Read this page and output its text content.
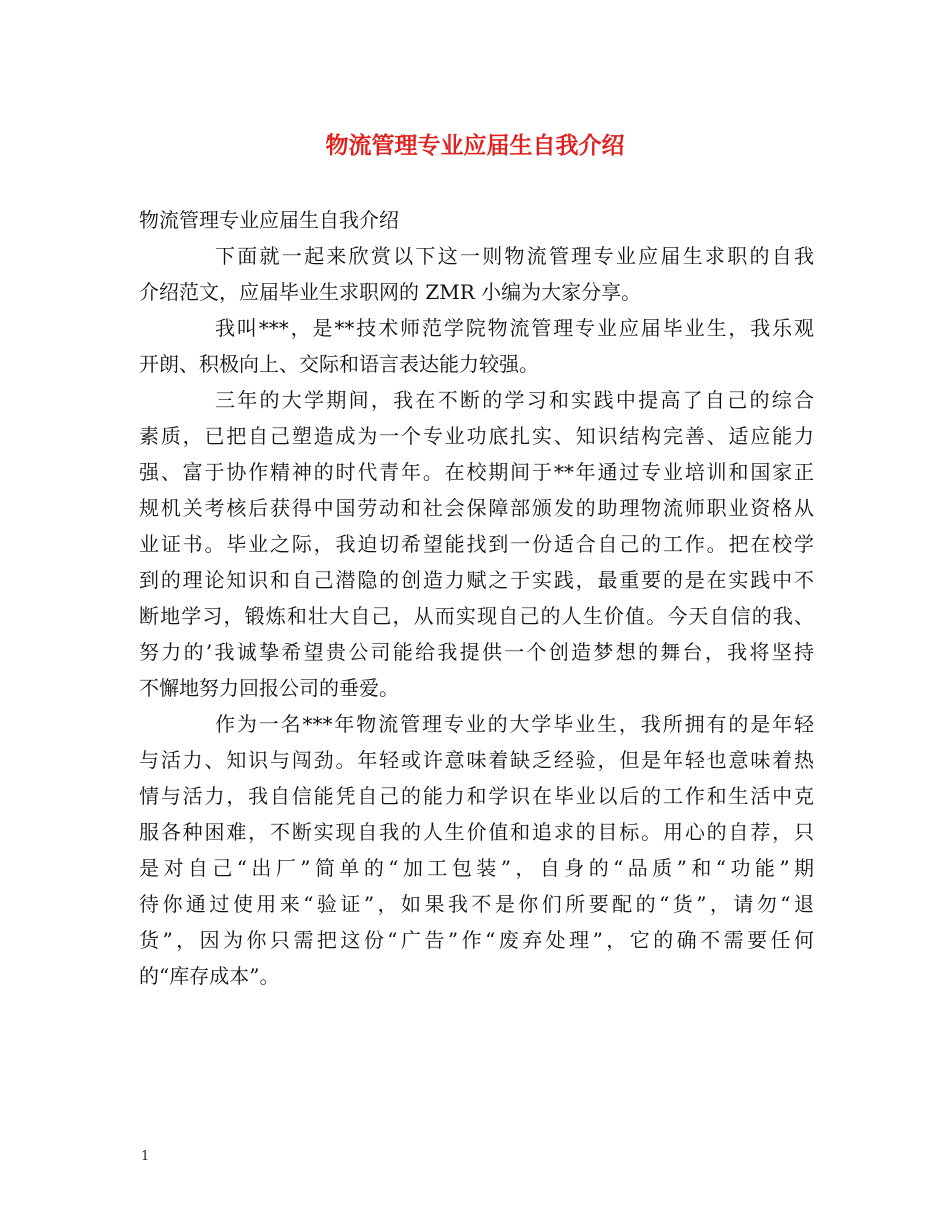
物流管理专业应届生自我介绍
物流管理专业应届生自我介绍
下面就一起来欣赏以下这一则物流管理专业应届生求职的自我
介绍范文，应届毕业生求职网的 ZMR 小编为大家分享。
我叫***，是**技术师范学院物流管理专业应届毕业生，我乐观
开朗、积极向上、交际和语言表达能力较强。
三年的大学期间，我在不断的学习和实践中提高了自己的综合
素质，已把自己塑造成为一个专业功底扎实、知识结构完善、适应能力
强、富于协作精神的时代青年。在校期间于**年通过专业培训和国家正
规机关考核后获得中国劳动和社会保障部颁发的助理物流师职业资格从
业证书。毕业之际，我迫切希望能找到一份适合自己的工作。把在校学
到的理论知识和自己潜隐的创造力赋之于实践，最重要的是在实践中不
断地学习，锻炼和壮大自己，从而实现自己的人生价值。今天自信的我、
努力的’我诚挚希望贵公司能给我提供一个创造梦想的舞台，我将坚持
不懈地努力回报公司的垂爱。
作为一名***年物流管理专业的大学毕业生，我所拥有的是年轻
与活力、知识与闯劲。年轻或许意味着缺乏经验，但是年轻也意味着热
情与活力，我自信能凭自己的能力和学识在毕业以后的工作和生活中克
服各种困难，不断实现自我的人生价值和追求的目标。用心的自荐，只
是对自己“出厂”简单的“加工包装”，自身的“品质”和“功能”期
待你通过使用来“验证”，如果我不是你们所要配的“货”，请勿“退
货”，因为你只需把这份“广告”作“废弃处理”，它的确不需要任何
的“库存成本”。
1
